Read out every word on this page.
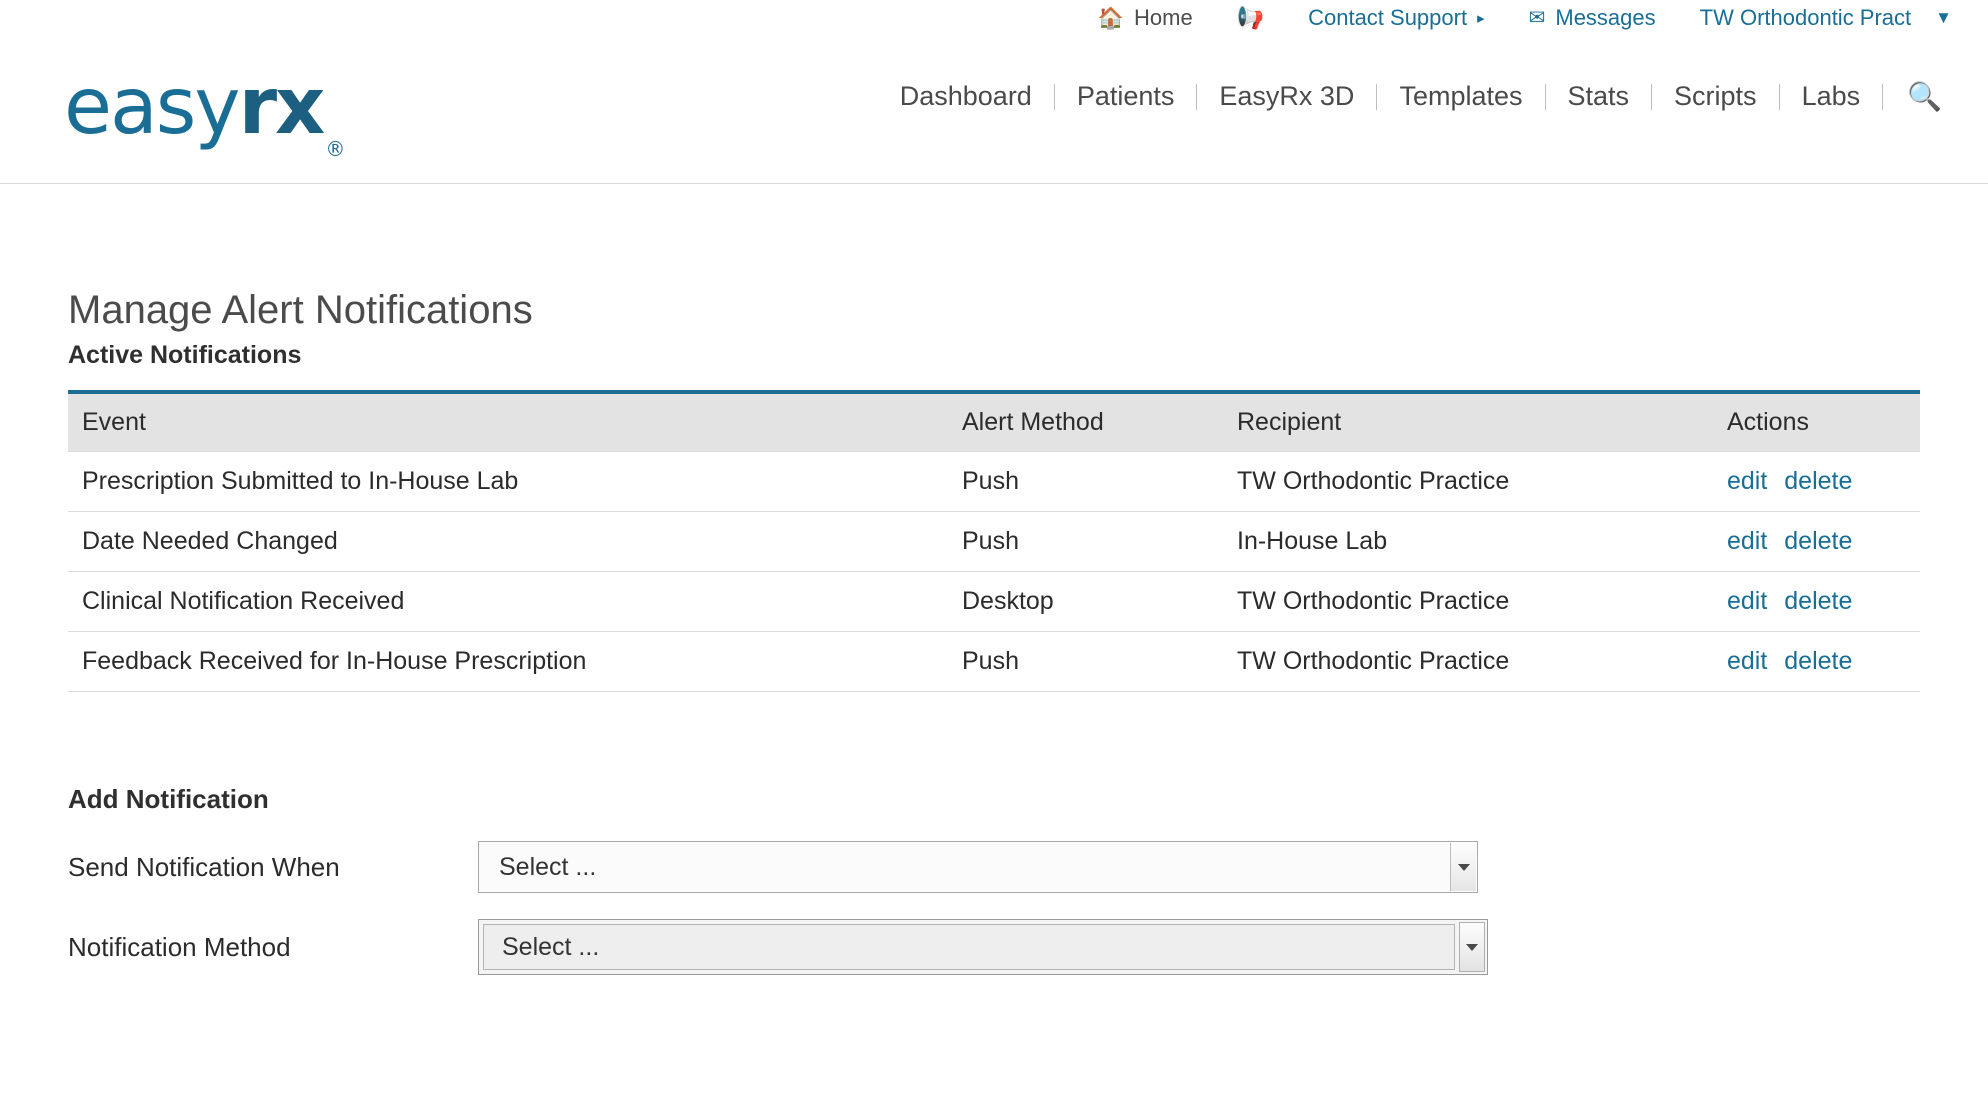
🏠 Home 📢 Contact Support ▸ ✉ Messages TW Orthodontic Pract ▼
easyrx $_®$
Dashboard	Patients	EasyRx 3D	Templates	Stats	Scripts	Labs	🔍
Manage Alert Notifications
Active Notifications
Event	Alert Method	Recipient	Actions
Prescription Submitted to In-House Lab	Push	TW Orthodontic Practice	edit delete
Date Needed Changed	Push	In-House Lab	edit delete
Clinical Notification Received	Desktop	TW Orthodontic Practice	edit delete
Feedback Received for In-House Prescription	Push	TW Orthodontic Practice	edit delete
Add Notification
Send Notification When	Select ...
Notification Method	Select ...
